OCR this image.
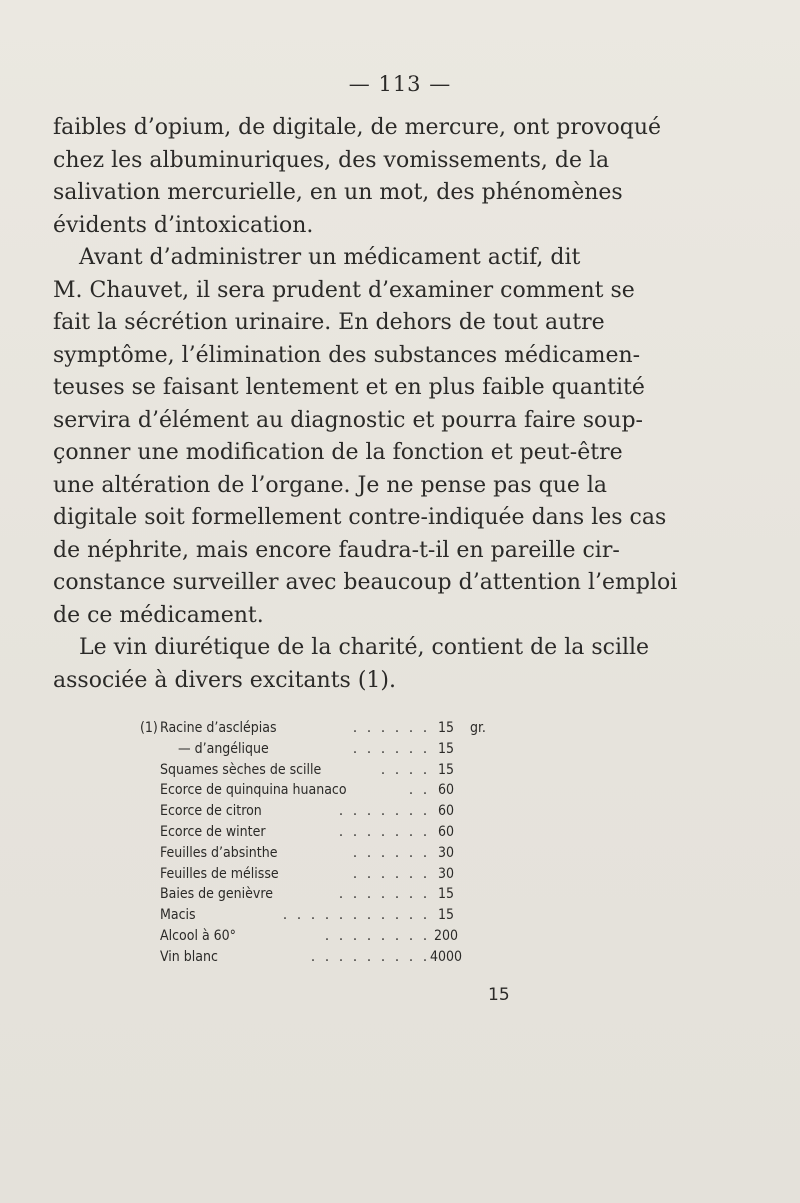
— 113 —
faibles d’opium, de digitale, de mercure, ont provoqué
chez les albuminuriques, des vomissements, de la
salivation mercurielle, en un mot, des phénomènes
évidents d’intoxication.
Avant d’administrer un médicament actif, dit
M. Chauvet, il sera prudent d’examiner comment se
fait la sécrétion urinaire. En dehors de tout autre
symptôme, l’élimination des substances médicamen-
teuses se faisant lentement et en plus faible quantité
servira d’élément au diagnostic et pourra faire soup-
çonner une modification de la fonction et peut-être
une altération de l’organe. Je ne pense pas que la
digitale soit formellement contre-indiquée dans les cas
de néphrite, mais encore faudra-t-il en pareille cir-
constance surveiller avec beaucoup d’attention l’emploi
de ce médicament.
Le vin diurétique de la charité, contient de la scille
associée à divers excitants (1).
(1)	. . . . . .
Racine d’asclépias	15	gr.
. . . . . .
— d’angélique	15
. . . .
Squames sèches de scille	15
. .
Ecorce de quinquina huanaco	60
. . . . . . .
Ecorce de citron	60
. . . . . . .
Ecorce de winter	60
. . . . . .
Feuilles d’absinthe	30
. . . . . .
Feuilles de mélisse	30
. . . . . . .
Baies de genièvre	15
. . . . . . . . . . .
Macis	15
. . . . . . . .
Alcool à 60°	200
. . . . . . . . .
Vin blanc	4000
15
